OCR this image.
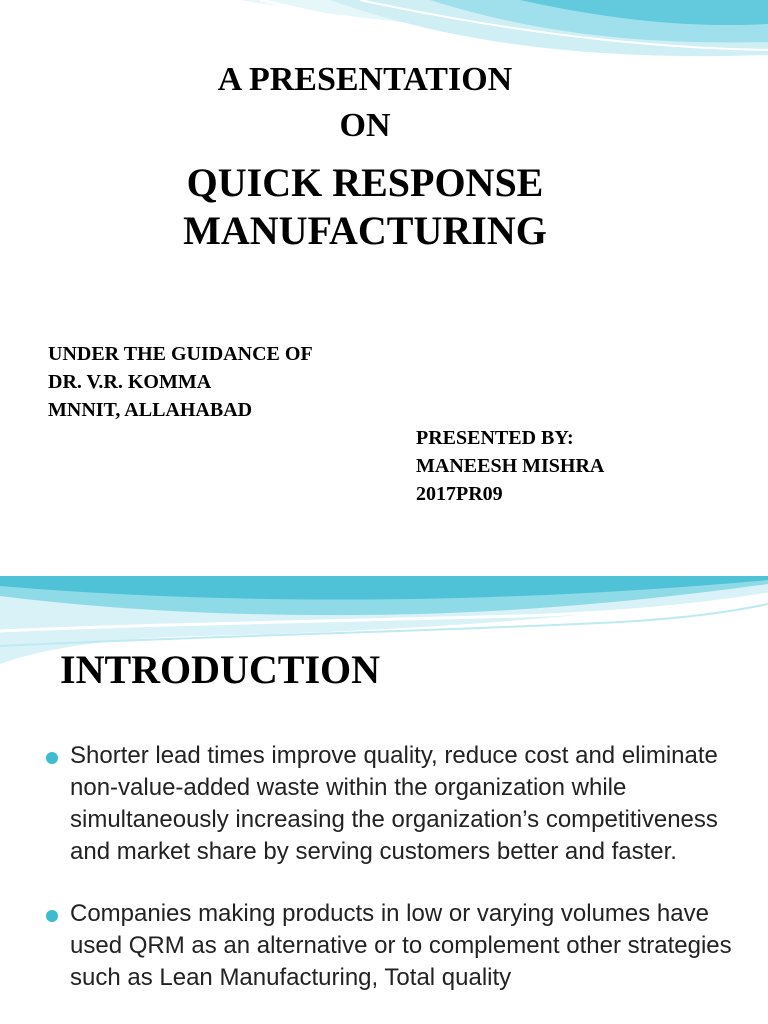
A PRESENTATION

ON

QUICK RESPONSE

MANUFACTURING

UNDER THE GUIDANCE OF
DR. V.R. KOMMA
MNNIT, ALLAHABAD
PRESENTED BY:
MANEESH MISHRA
2017PR09
INTRODUCTION
Shorter lead times improve quality, reduce cost and eliminate non-value-added waste within the organization while simultaneously increasing the organization’s competitiveness and market share by serving customers better and faster.
Companies making products in low or varying volumes have used QRM as an alternative or to complement other strategies such as Lean Manufacturing, Total quality
